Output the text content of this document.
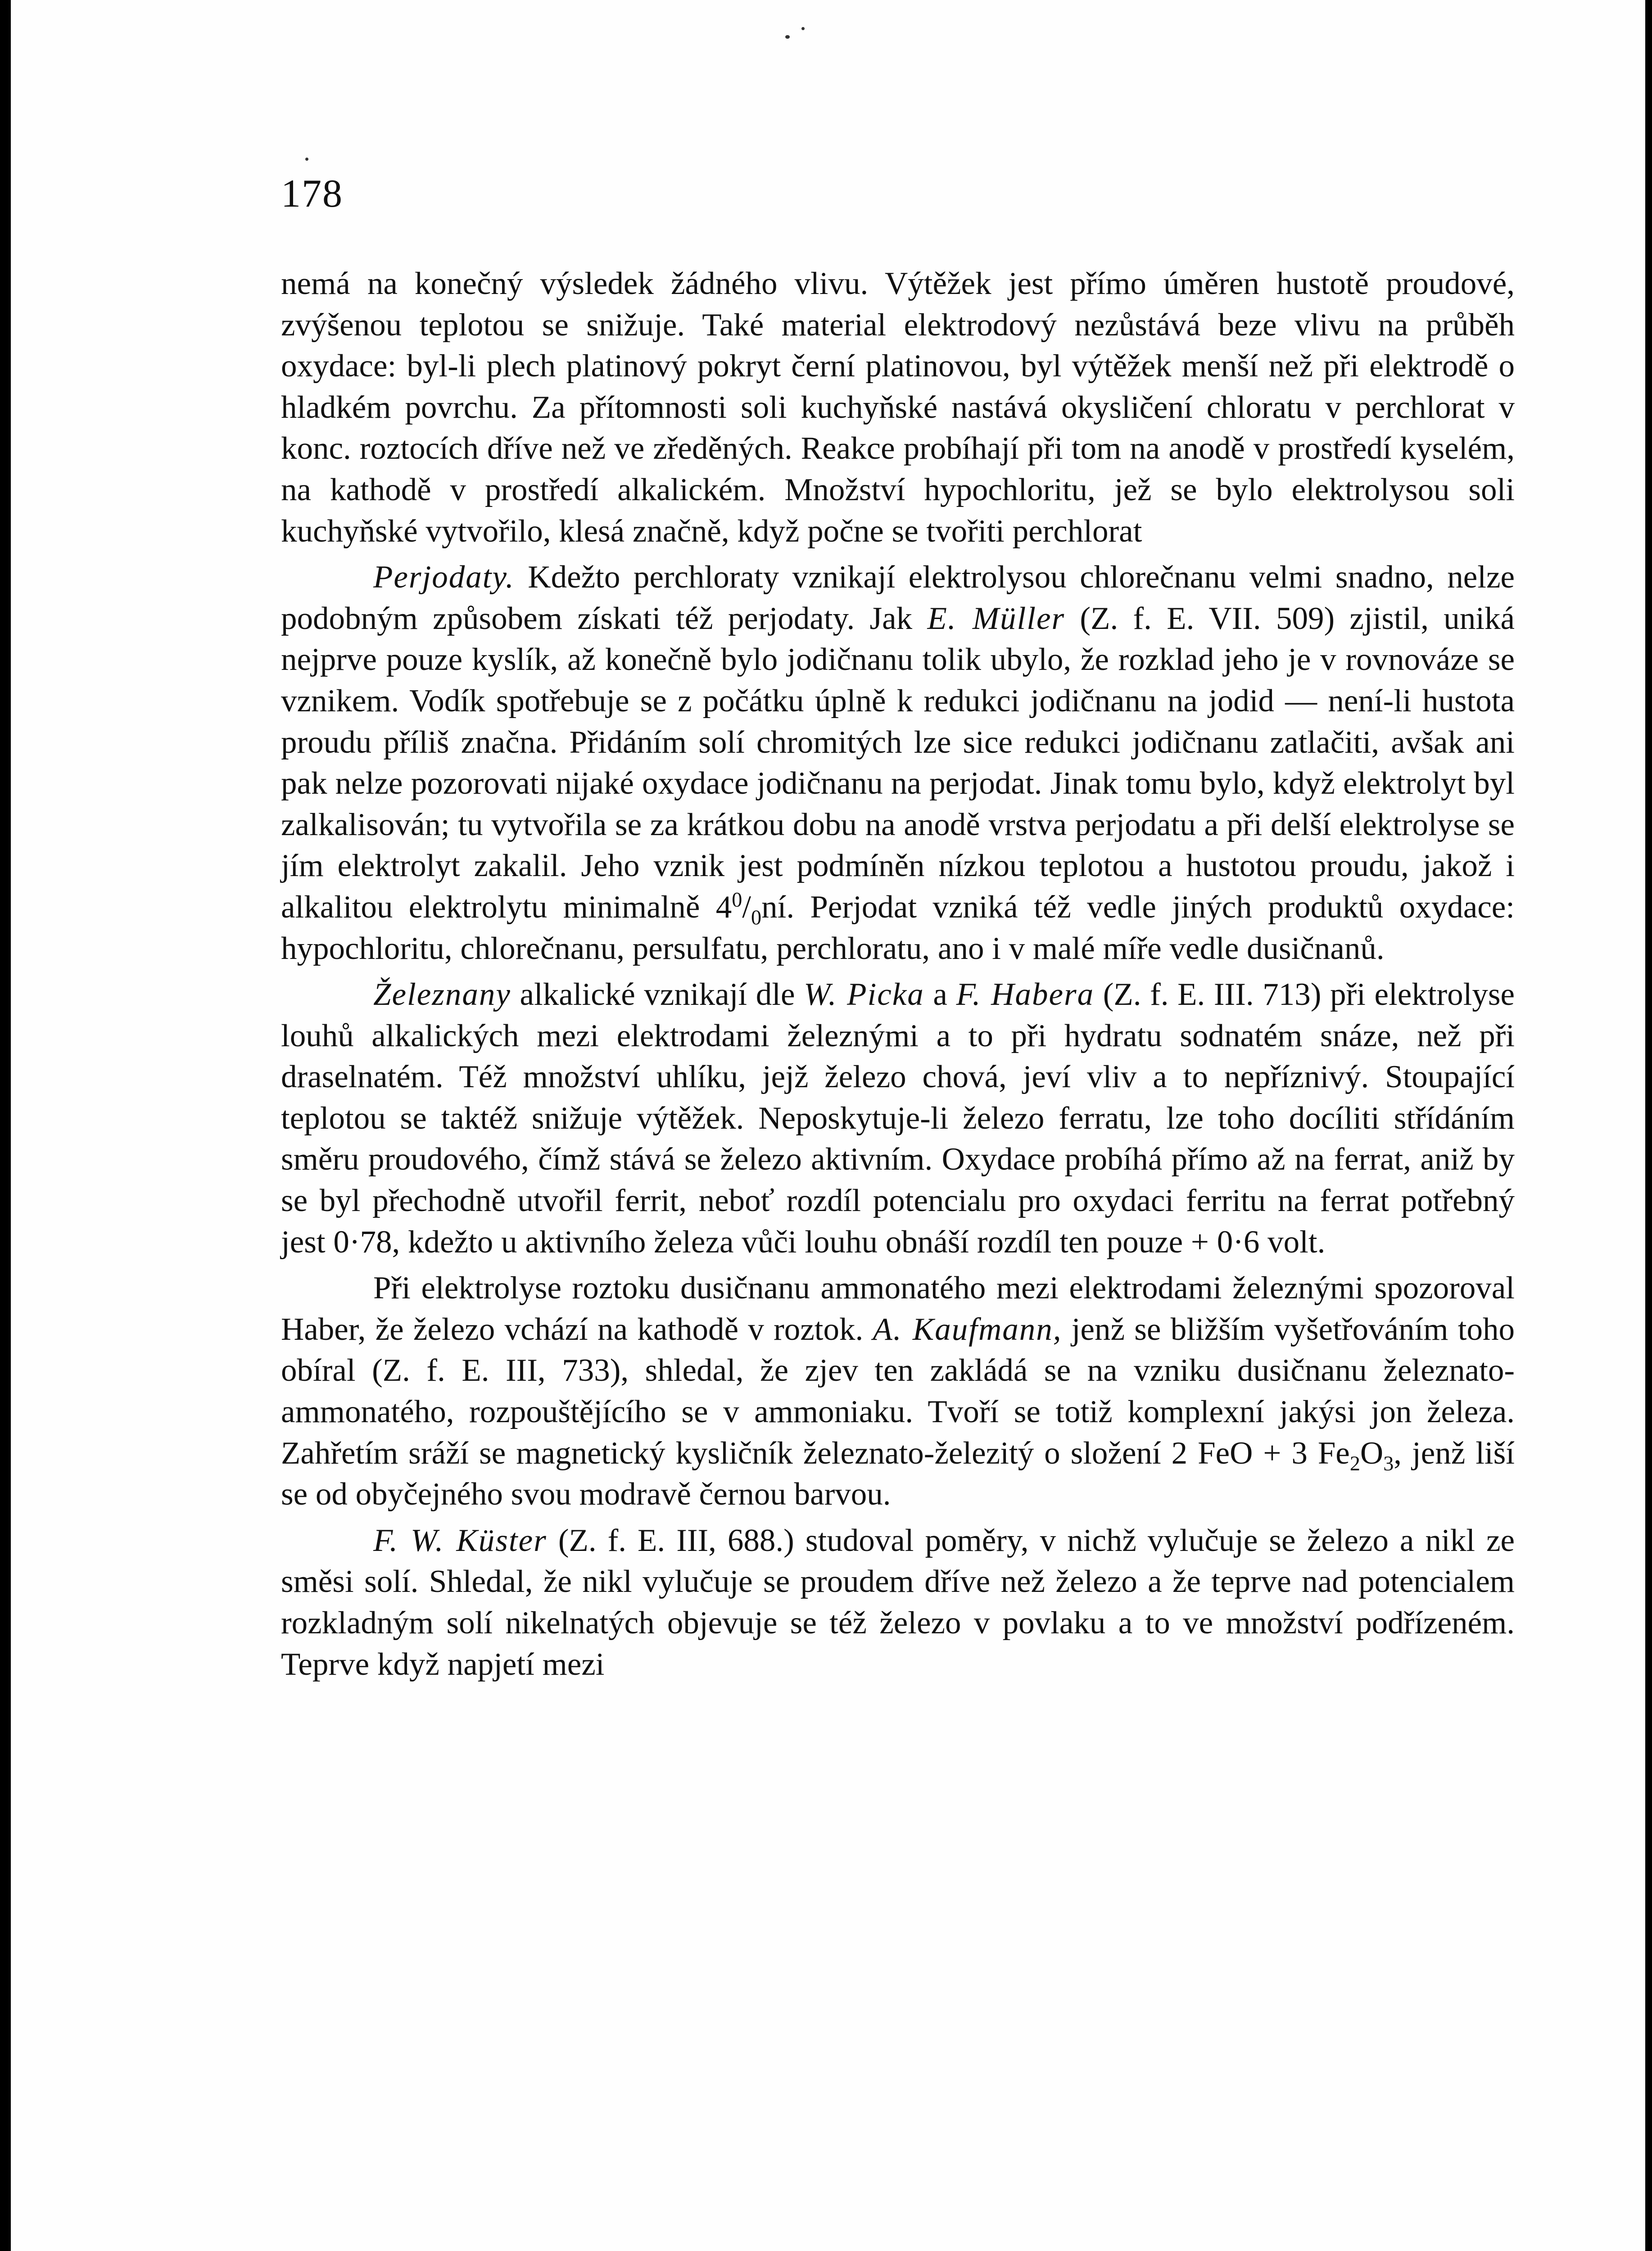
178

nemá na konečný výsledek žádného vlivu. Výtěžek jest přímo úměren hustotě proudové, zvýšenou teplotou se snižuje. Také material elektrodový nezůstává beze vlivu na průběh oxydace: byl-li plech platinový pokryt černí platinovou, byl výtěžek menší než při elektrodě o hladkém povrchu. Za přítomnosti soli kuchyňské nastává okysličení chloratu v perchlorat v konc. roztocích dříve než ve zředěných. Reakce probíhají při tom na anodě v prostředí kyselém, na kathodě v prostředí alkalickém. Množství hypochloritu, jež se bylo elektrolysou soli kuchyňské vytvořilo, klesá značně, když počne se tvořiti perchlorat

Perjodaty. Kdežto perchloraty vznikají elektrolysou chlorečnanu velmi snadno, nelze podobným způsobem získati též perjodaty. Jak E. Müller (Z. f. E. VII. 509) zjistil, uniká nejprve pouze kyslík, až konečně bylo jodičnanu tolik ubylo, že rozklad jeho je v rovnováze se vznikem. Vodík spotřebuje se z počátku úplně k redukci jodičnanu na jodid — není-li hustota proudu příliš značna. Přidáním solí chromitých lze sice redukci jodičnanu zatlačiti, avšak ani pak nelze pozorovati nijaké oxydace jodičnanu na perjodat. Jinak tomu bylo, když elektrolyt byl zalkalisován; tu vytvořila se za krátkou dobu na anodě vrstva perjodatu a při delší elektrolyse se jím elektrolyt zakalil. Jeho vznik jest podmíněn nízkou teplotou a hustotou proudu, jakož i alkalitou elektrolytu minimalně $4^0/_0ní$. Perjodat vzniká též vedle jiných produktů oxydace: hypochloritu, chlorečnanu, persulfatu, perchloratu, ano i v malé míře vedle dusičnanů.

Železnany alkalické vznikají dle W. Picka a F. Habera (Z. f. E. III. 713) při elektrolyse louhů alkalických mezi elektrodami železnými a to při hydratu sodnatém snáze, než při draselnatém. Též množství uhlíku, jejž železo chová, jeví vliv a to nepříznivý. Stoupající teplotou se taktéž snižuje výtěžek. Neposkytuje-li železo ferratu, lze toho docíliti střídáním směru proudového, čímž stává se železo aktivním. Oxydace probíhá přímo až na ferrat, aniž by se byl přechodně utvořil ferrit, neboť rozdíl potencialu pro oxydaci ferritu na ferrat potřebný jest 0·78, kdežto u aktivního železa vůči louhu obnáší rozdíl ten pouze + 0·6 volt.

Při elektrolyse roztoku dusičnanu ammonatého mezi elektrodami železnými spozoroval Haber, že železo vchází na kathodě v roztok. A. Kaufmann, jenž se bližším vyšetřováním toho obíral (Z. f. E. III, 733), shledal, že zjev ten zakládá se na vzniku dusičnanu železnato-ammonatého, rozpouštějícího se v ammoniaku. Tvoří se totiž komplexní jakýsi jon železa. Zahřetím sráží se magnetický kysličník železnato-železitý o složení 2 FeO + 3 $Fe_2O_3$, jenž liší se od obyčejného svou modravě černou barvou.

F. W. Küster (Z. f. E. III, 688.) studoval poměry, v nichž vylučuje se železo a nikl ze směsi solí. Shledal, že nikl vylučuje se proudem dříve než železo a že teprve nad potencialem rozkladným solí nikelnatých objevuje se též železo v povlaku a to ve množství podřízeném. Teprve když napjetí mezi
